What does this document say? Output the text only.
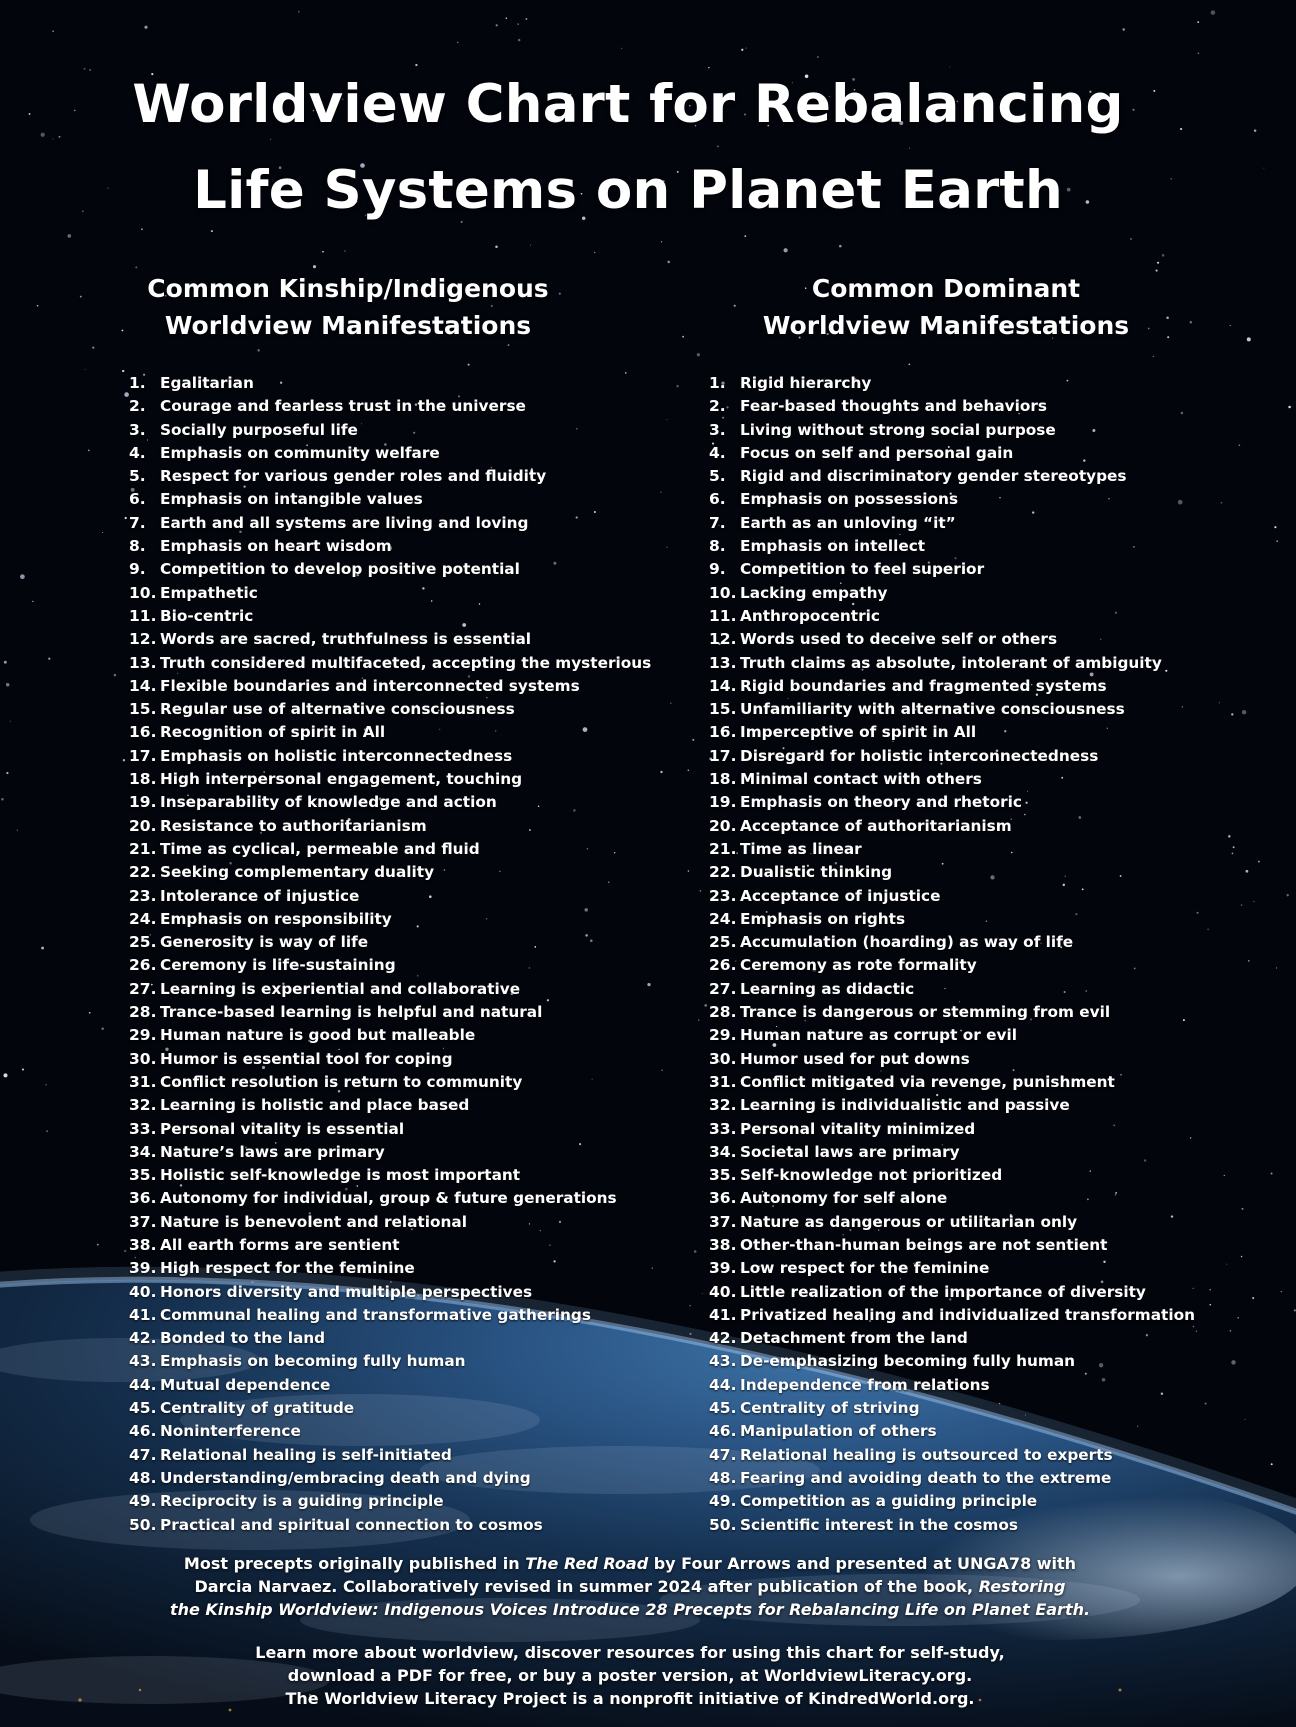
Worldview Chart for Rebalancing
Life Systems on Planet Earth
Common Kinship/Indigenous
Worldview Manifestations
Common Dominant
Worldview Manifestations
1. Egalitarian
2. Courage and fearless trust in the universe
3. Socially purposeful life
4. Emphasis on community welfare
5. Respect for various gender roles and fluidity
6. Emphasis on intangible values
7. Earth and all systems are living and loving
8. Emphasis on heart wisdom
9. Competition to develop positive potential
10. Empathetic
11. Bio-centric
12. Words are sacred, truthfulness is essential
13. Truth considered multifaceted, accepting the mysterious
14. Flexible boundaries and interconnected systems
15. Regular use of alternative consciousness
16. Recognition of spirit in All
17. Emphasis on holistic interconnectedness
18. High interpersonal engagement, touching
19. Inseparability of knowledge and action
20. Resistance to authoritarianism
21. Time as cyclical, permeable and fluid
22. Seeking complementary duality
23. Intolerance of injustice
24. Emphasis on responsibility
25. Generosity is way of life
26. Ceremony is life-sustaining
27. Learning is experiential and collaborative
28. Trance-based learning is helpful and natural
29. Human nature is good but malleable
30. Humor is essential tool for coping
31. Conflict resolution is return to community
32. Learning is holistic and place based
33. Personal vitality is essential
34. Nature’s laws are primary
35. Holistic self-knowledge is most important
36. Autonomy for individual, group & future generations
37. Nature is benevolent and relational
38. All earth forms are sentient
39. High respect for the feminine
40. Honors diversity and multiple perspectives
41. Communal healing and transformative gatherings
42. Bonded to the land
43. Emphasis on becoming fully human
44. Mutual dependence
45. Centrality of gratitude
46. Noninterference
47. Relational healing is self-initiated
48. Understanding/embracing death and dying
49. Reciprocity is a guiding principle
50. Practical and spiritual connection to cosmos
1. Rigid hierarchy
2. Fear-based thoughts and behaviors
3. Living without strong social purpose
4. Focus on self and personal gain
5. Rigid and discriminatory gender stereotypes
6. Emphasis on possessions
7. Earth as an unloving “it”
8. Emphasis on intellect
9. Competition to feel superior
10. Lacking empathy
11. Anthropocentric
12. Words used to deceive self or others
13. Truth claims as absolute, intolerant of ambiguity
14. Rigid boundaries and fragmented systems
15. Unfamiliarity with alternative consciousness
16. Imperceptive of spirit in All
17. Disregard for holistic interconnectedness
18. Minimal contact with others
19. Emphasis on theory and rhetoric
20. Acceptance of authoritarianism
21. Time as linear
22. Dualistic thinking
23. Acceptance of injustice
24. Emphasis on rights
25. Accumulation (hoarding) as way of life
26. Ceremony as rote formality
27. Learning as didactic
28. Trance is dangerous or stemming from evil
29. Human nature as corrupt or evil
30. Humor used for put downs
31. Conflict mitigated via revenge, punishment
32. Learning is individualistic and passive
33. Personal vitality minimized
34. Societal laws are primary
35. Self-knowledge not prioritized
36. Autonomy for self alone
37. Nature as dangerous or utilitarian only
38. Other-than-human beings are not sentient
39. Low respect for the feminine
40. Little realization of the importance of diversity
41. Privatized healing and individualized transformation
42. Detachment from the land
43. De-emphasizing becoming fully human
44. Independence from relations
45. Centrality of striving
46. Manipulation of others
47. Relational healing is outsourced to experts
48. Fearing and avoiding death to the extreme
49. Competition as a guiding principle
50. Scientific interest in the cosmos
Most precepts originally published in The Red Road by Four Arrows and presented at UNGA78 with
Darcia Narvaez. Collaboratively revised in summer 2024 after publication of the book, Restoring
the Kinship Worldview: Indigenous Voices Introduce 28 Precepts for Rebalancing Life on Planet Earth.
Learn more about worldview, discover resources for using this chart for self-study,
download a PDF for free, or buy a poster version, at WorldviewLiteracy.org.
The Worldview Literacy Project is a nonprofit initiative of KindredWorld.org.
